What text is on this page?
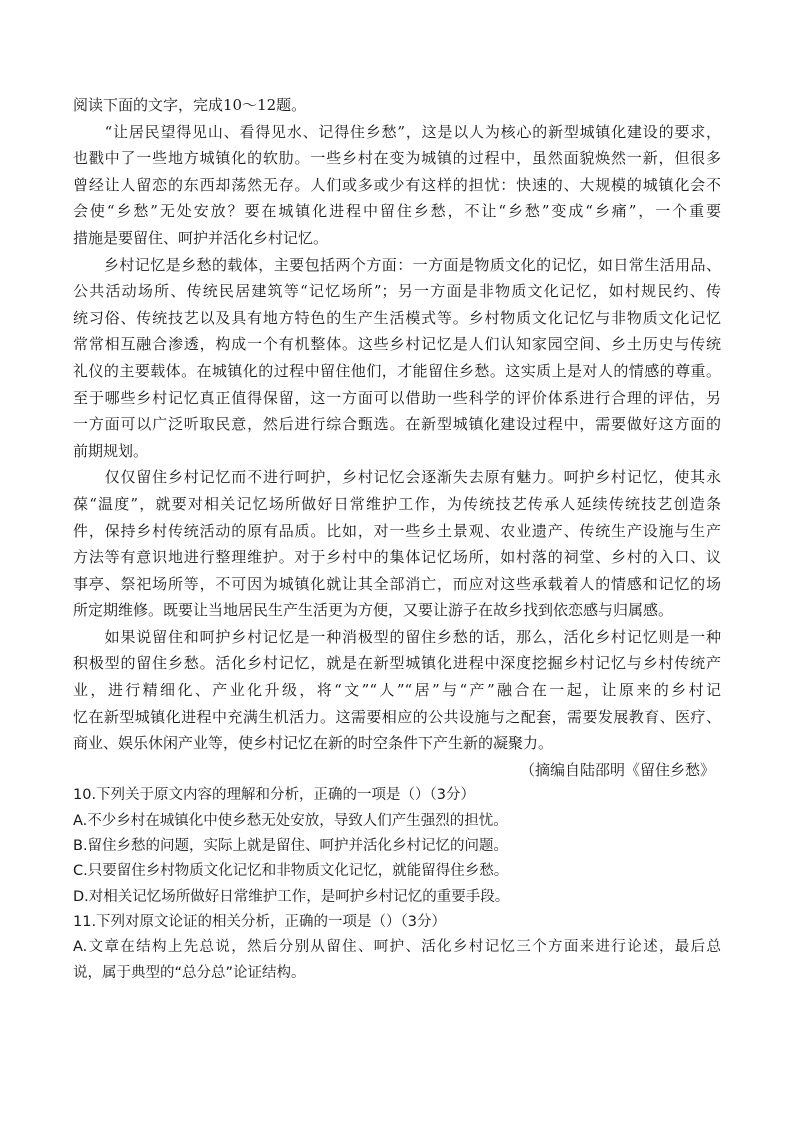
阅读下面的文字，完成10～12题。
　　“让居民望得见山、看得见水、记得住乡愁”，这是以人为核心的新型城镇化建设的要求，
也戳中了一些地方城镇化的软肋。一些乡村在变为城镇的过程中，虽然面貌焕然一新，但很多
曾经让人留恋的东西却荡然无存。人们或多或少有这样的担忧：快速的、大规模的城镇化会不
会使“乡愁”无处安放？要在城镇化进程中留住乡愁，不让“乡愁”变成“乡痛”，一个重要
措施是要留住、呵护并活化乡村记忆。
　　乡村记忆是乡愁的载体，主要包括两个方面：一方面是物质文化的记忆，如日常生活用品、
公共活动场所、传统民居建筑等“记忆场所”；另一方面是非物质文化记忆，如村规民约、传
统习俗、传统技艺以及具有地方特色的生产生活模式等。乡村物质文化记忆与非物质文化记忆
常常相互融合渗透，构成一个有机整体。这些乡村记忆是人们认知家园空间、乡土历史与传统
礼仪的主要载体。在城镇化的过程中留住他们，才能留住乡愁。这实质上是对人的情感的尊重。
至于哪些乡村记忆真正值得保留，这一方面可以借助一些科学的评价体系进行合理的评估，另
一方面可以广泛听取民意，然后进行综合甄选。在新型城镇化建设过程中，需要做好这方面的
前期规划。
　　仅仅留住乡村记忆而不进行呵护，乡村记忆会逐渐失去原有魅力。呵护乡村记忆，使其永
葆“温度”，就要对相关记忆场所做好日常维护工作，为传统技艺传承人延续传统技艺创造条
件，保持乡村传统活动的原有品质。比如，对一些乡土景观、农业遗产、传统生产设施与生产
方法等有意识地进行整理维护。对于乡村中的集体记忆场所，如村落的祠堂、乡村的入口、议
事亭、祭祀场所等，不可因为城镇化就让其全部消亡，而应对这些承载着人的情感和记忆的场
所定期维修。既要让当地居民生产生活更为方便，又要让游子在故乡找到依恋感与归属感。
　　如果说留住和呵护乡村记忆是一种消极型的留住乡愁的话，那么，活化乡村记忆则是一种
积极型的留住乡愁。活化乡村记忆，就是在新型城镇化进程中深度挖掘乡村记忆与乡村传统产
业，进行精细化、产业化升级，将“文”“人”“居”与“产”融合在一起，让原来的乡村记
忆在新型城镇化进程中充满生机活力。这需要相应的公共设施与之配套，需要发展教育、医疗、
商业、娱乐休闲产业等，使乡村记忆在新的时空条件下产生新的凝聚力。
（摘编自陆邵明《留住乡愁》
10.下列关于原文内容的理解和分析，正确的一项是（）（3分）
A.不少乡村在城镇化中使乡愁无处安放，导致人们产生强烈的担忧。
B.留住乡愁的问题，实际上就是留住、呵护并活化乡村记忆的问题。
C.只要留住乡村物质文化记忆和非物质文化记忆，就能留得住乡愁。
D.对相关记忆场所做好日常维护工作，是呵护乡村记忆的重要手段。
11.下列对原文论证的相关分析，正确的一项是（）（3分）
A.文章在结构上先总说，然后分别从留住、呵护、活化乡村记忆三个方面来进行论述，最后总
说，属于典型的“总分总”论证结构。
